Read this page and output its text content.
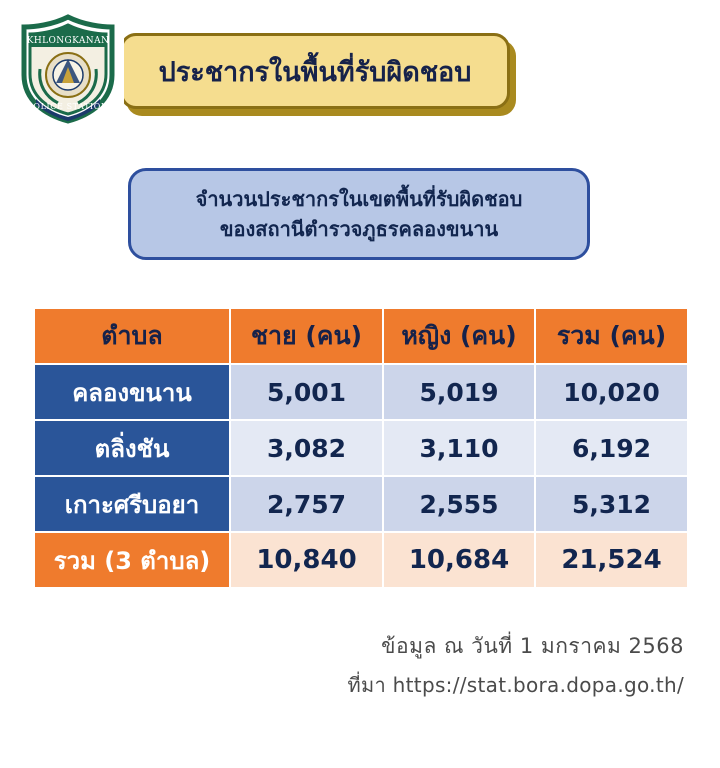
ประชากรในพื้นที่รับผิดชอบ
KHLONGKANAN
POLICE STATION
จำนวนประชากรในเขตพื้นที่รับผิดชอบ
ของสถานีตำรวจภูธรคลองขนาน
ตำบล	ชาย (คน)	หญิง (คน)	รวม (คน)
คลองขนาน	5,001	5,019	10,020
ตลิ่งชัน	3,082	3,110	6,192
เกาะศรีบอยา	2,757	2,555	5,312
รวม (3 ตำบล)	10,840	10,684	21,524
ข้อมูล ณ วันที่ 1 มกราคม 2568
ที่มา https://stat.bora.dopa.go.th/
